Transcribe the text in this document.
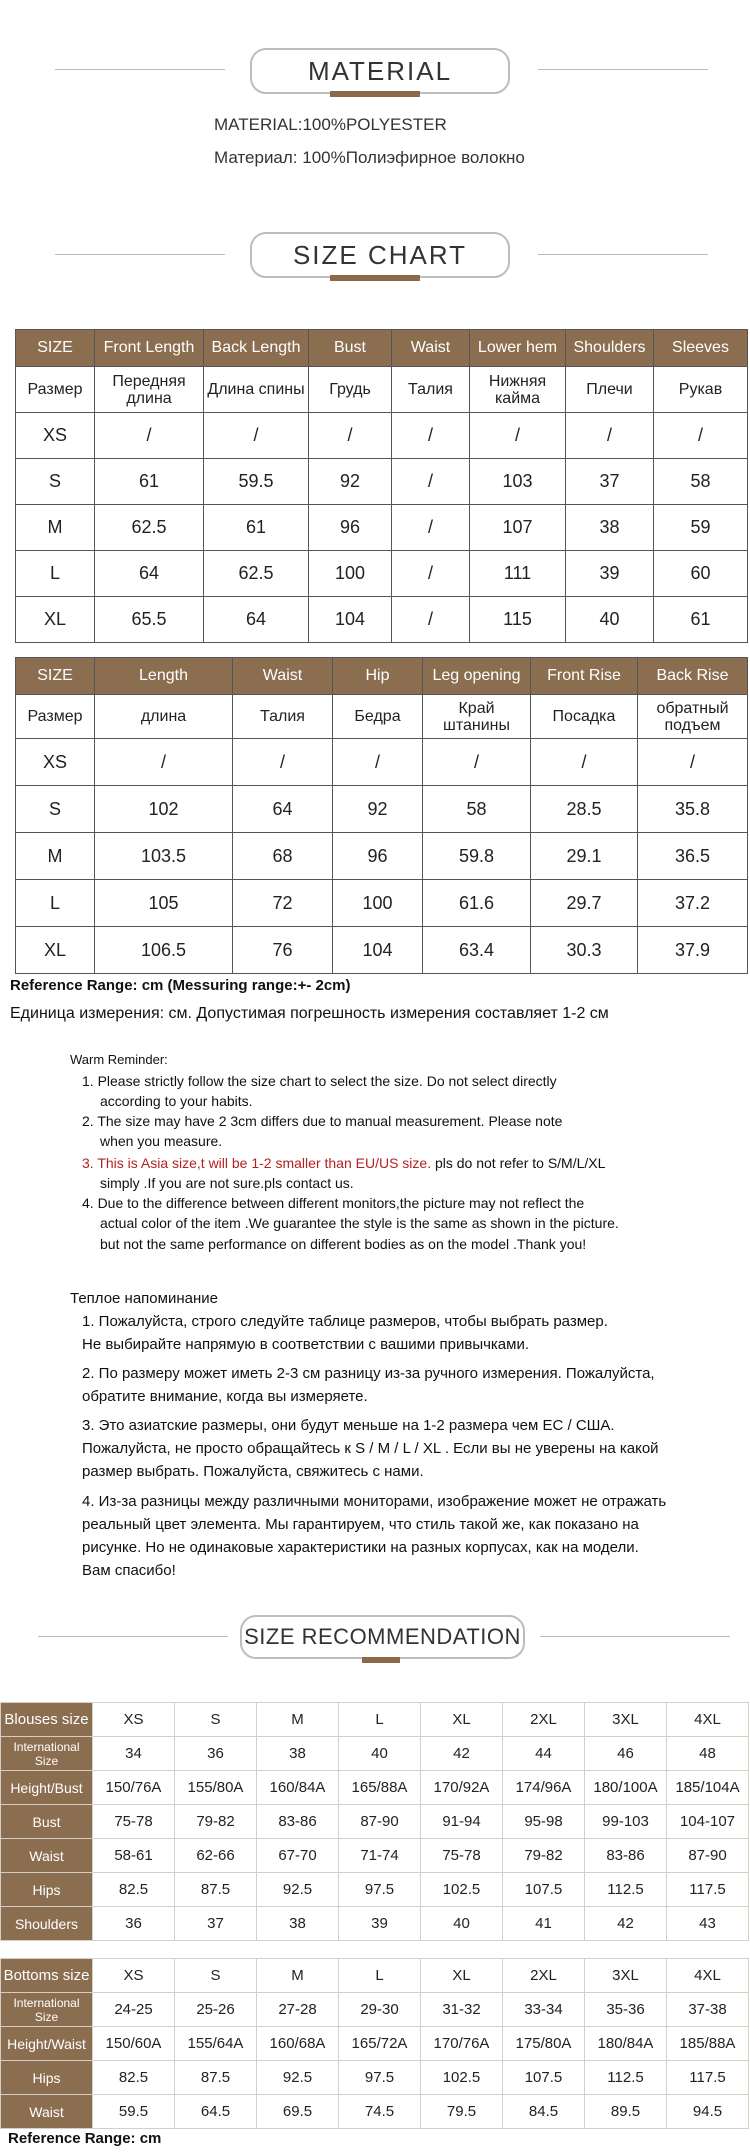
MATERIAL
MATERIAL:100%POLYESTER
Материал: 100%Полиэфирное волокно
SIZE CHART
SIZE	Front Length	Back Length	Bust	Waist	Lower hem	Shoulders	Sleeves
Размер	Передняя длина	Длина спины	Грудь	Талия	Нижняя кайма	Плечи	Рукав
XS	/	/	/	/	/	/	/
S	61	59.5	92	/	103	37	58
M	62.5	61	96	/	107	38	59
L	64	62.5	100	/	111	39	60
XL	65.5	64	104	/	115	40	61
SIZE	Length	Waist	Hip	Leg opening	Front Rise	Back Rise
Размер	длина	Талия	Бедра	Край штанины	Посадка	обратный подъем
XS	/	/	/	/	/	/
S	102	64	92	58	28.5	35.8
M	103.5	68	96	59.8	29.1	36.5
L	105	72	100	61.6	29.7	37.2
XL	106.5	76	104	63.4	30.3	37.9
Reference Range: cm (Messuring range:+- 2cm)
Единица измерения: см. Допустимая погрешность измерения составляет 1-2 см
Warm Reminder:
1. Please strictly follow the size chart to select the size. Do not select directly
according to your habits.
2. The size may have 2 3cm differs due to manual measurement. Please note
when you measure.
3. This is Asia size,t will be 1-2 smaller than EU/US size. pls do not refer to S/M/L/XL
simply .If you are not sure.pls contact us.
4. Due to the difference between different monitors,the picture may not reflect the
actual color of the item .We guarantee the style is the same as shown in the picture.
but not the same performance on different bodies as on the model .Thank you!
Теплое напоминание
1. Пожалуйста, строго следуйте таблице размеров, чтобы выбрать размер.
Не выбирайте напрямую в соответствии с вашими привычками.
2. По размеру может иметь 2-3 см разницу из-за ручного измерения. Пожалуйста,
обратите внимание, когда вы измеряете.
3. Это азиатские размеры, они будут меньше на 1-2 размера чем EC / США.
Пожалуйста, не просто обращайтесь к S / M / L / XL . Если вы не уверены на какой
размер выбрать. Пожалуйста, свяжитесь с нами.
4. Из-за разницы между различными мониторами, изображение может не отражать
реальный цвет элемента. Мы гарантируем, что стиль такой же, как показано на
рисунке. Но не одинаковые характеристики на разных корпусах, как на модели.
Вам спасибо!
SIZE RECOMMENDATION
Blouses size	XS	S	M	L	XL	2XL	3XL	4XL
International Size	34	36	38	40	42	44	46	48
Height/Bust	150/76A	155/80A	160/84A	165/88A	170/92A	174/96A	180/100A	185/104A
Bust	75-78	79-82	83-86	87-90	91-94	95-98	99-103	104-107
Waist	58-61	62-66	67-70	71-74	75-78	79-82	83-86	87-90
Hips	82.5	87.5	92.5	97.5	102.5	107.5	112.5	117.5
Shoulders	36	37	38	39	40	41	42	43
Bottoms size	XS	S	M	L	XL	2XL	3XL	4XL
International Size	24-25	25-26	27-28	29-30	31-32	33-34	35-36	37-38
Height/Waist	150/60A	155/64A	160/68A	165/72A	170/76A	175/80A	180/84A	185/88A
Hips	82.5	87.5	92.5	97.5	102.5	107.5	112.5	117.5
Waist	59.5	64.5	69.5	74.5	79.5	84.5	89.5	94.5
Reference Range: cm
